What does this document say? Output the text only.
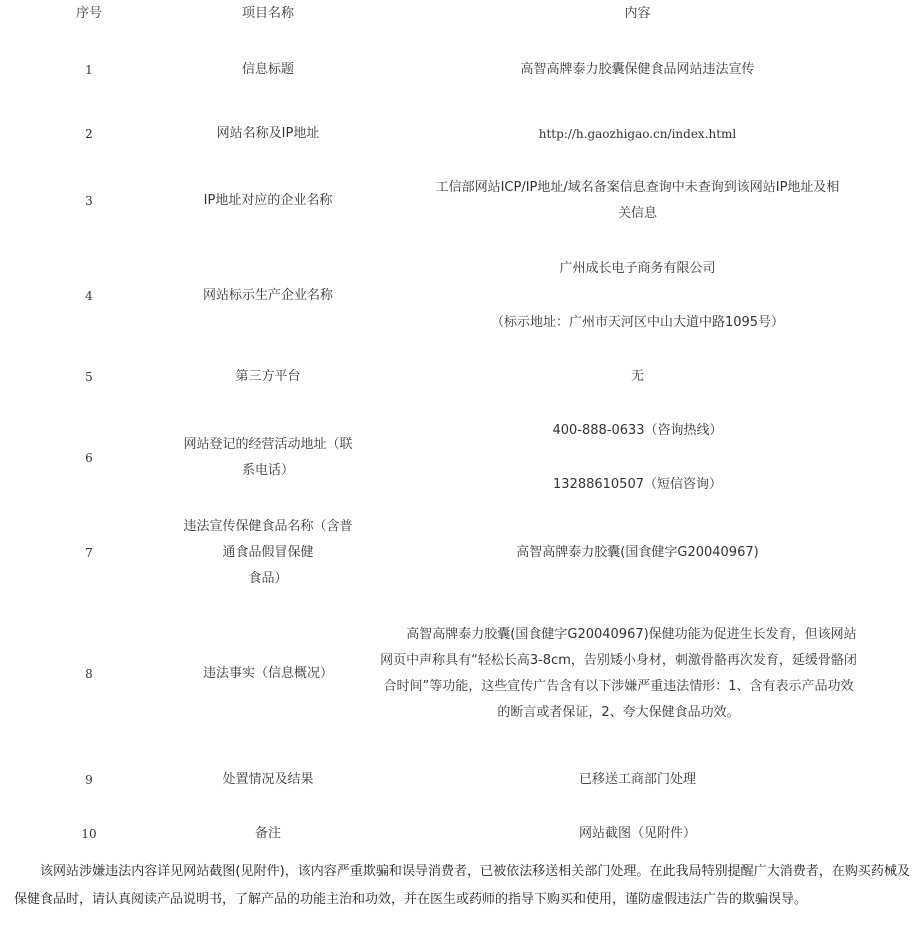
序号	项目名称	内容
1	信息标题	高智高牌泰力胶囊保健食品网站违法宣传
2	网站名称及IP地址	http://h.gaozhigao.cn/index.html
3	IP地址对应的企业名称	工信部网站ICP/IP地址/域名备案信息查询中未查询到该网站IP地址及相
关信息

4	网站标示生产企业名称	广州成长电子商务有限公司
（标示地址：广州市天河区中山大道中路1095号）

5	第三方平台	无
6	网站登记的经营活动地址（联系电话）	400-888-0633（咨询热线）
13288610507（短信咨询）

7	违法宣传保健食品名称（含普通食品假冒保健
食品）	高智高牌泰力胶囊(国食健字G20040967)
8	违法事实（信息概况）	高智高牌泰力胶囊(国食健字G20040967)保健功能为促进生长发育，但该网站网页中声称具有“轻松长高3-8cm，告别矮小身材，刺激骨骼再次发育，延缓骨骼闭合时间”等功能，这些宣传广告含有以下涉嫌严重违法情形：1、含有表示产品功效的断言或者保证，2、夸大保健食品功效。
9	处置情况及结果	已移送工商部门处理
10	备注	网站截图（见附件）

该网站涉嫌违法内容详见网站截图(见附件)，该内容严重欺骗和误导消费者，已被依法移送相关部门处理。在此我局特别提醒广大消费者，在购买药械及保健食品时，请认真阅读产品说明书，了解产品的功能主治和功效，并在医生或药师的指导下购买和使用，谨防虚假违法广告的欺骗误导。
